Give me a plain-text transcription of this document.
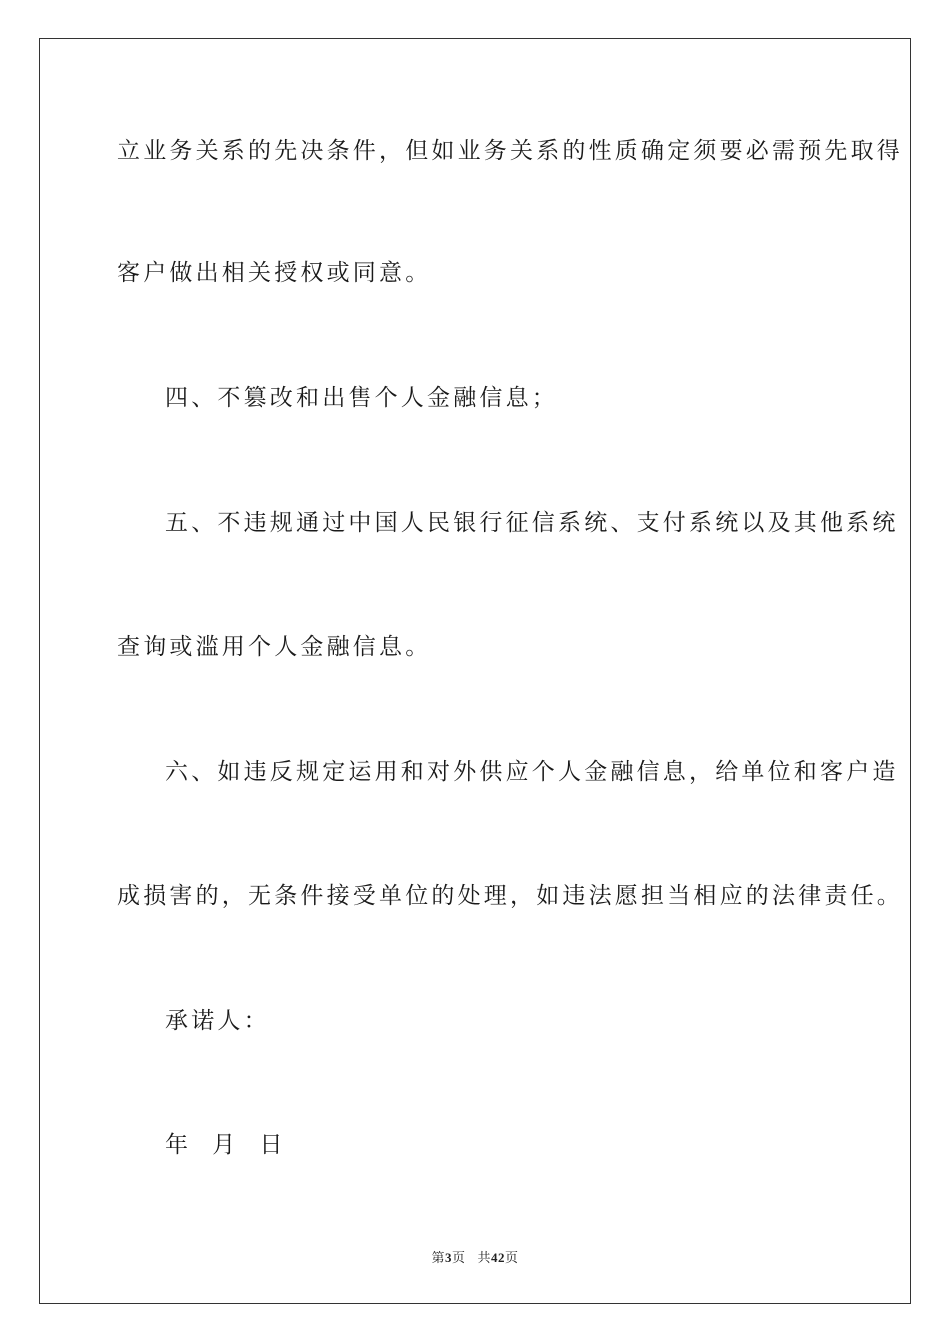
立业务关系的先决条件，但如业务关系的性质确定须要必需预先取得
客户做出相关授权或同意。
四、不篡改和出售个人金融信息；
五、不违规通过中国人民银行征信系统、支付系统以及其他系统
查询或滥用个人金融信息。
六、如违反规定运用和对外供应个人金融信息，给单位和客户造
成损害的，无条件接受单位的处理，如违法愿担当相应的法律责任。
承诺人：
年  月  日
第3页 共42页
